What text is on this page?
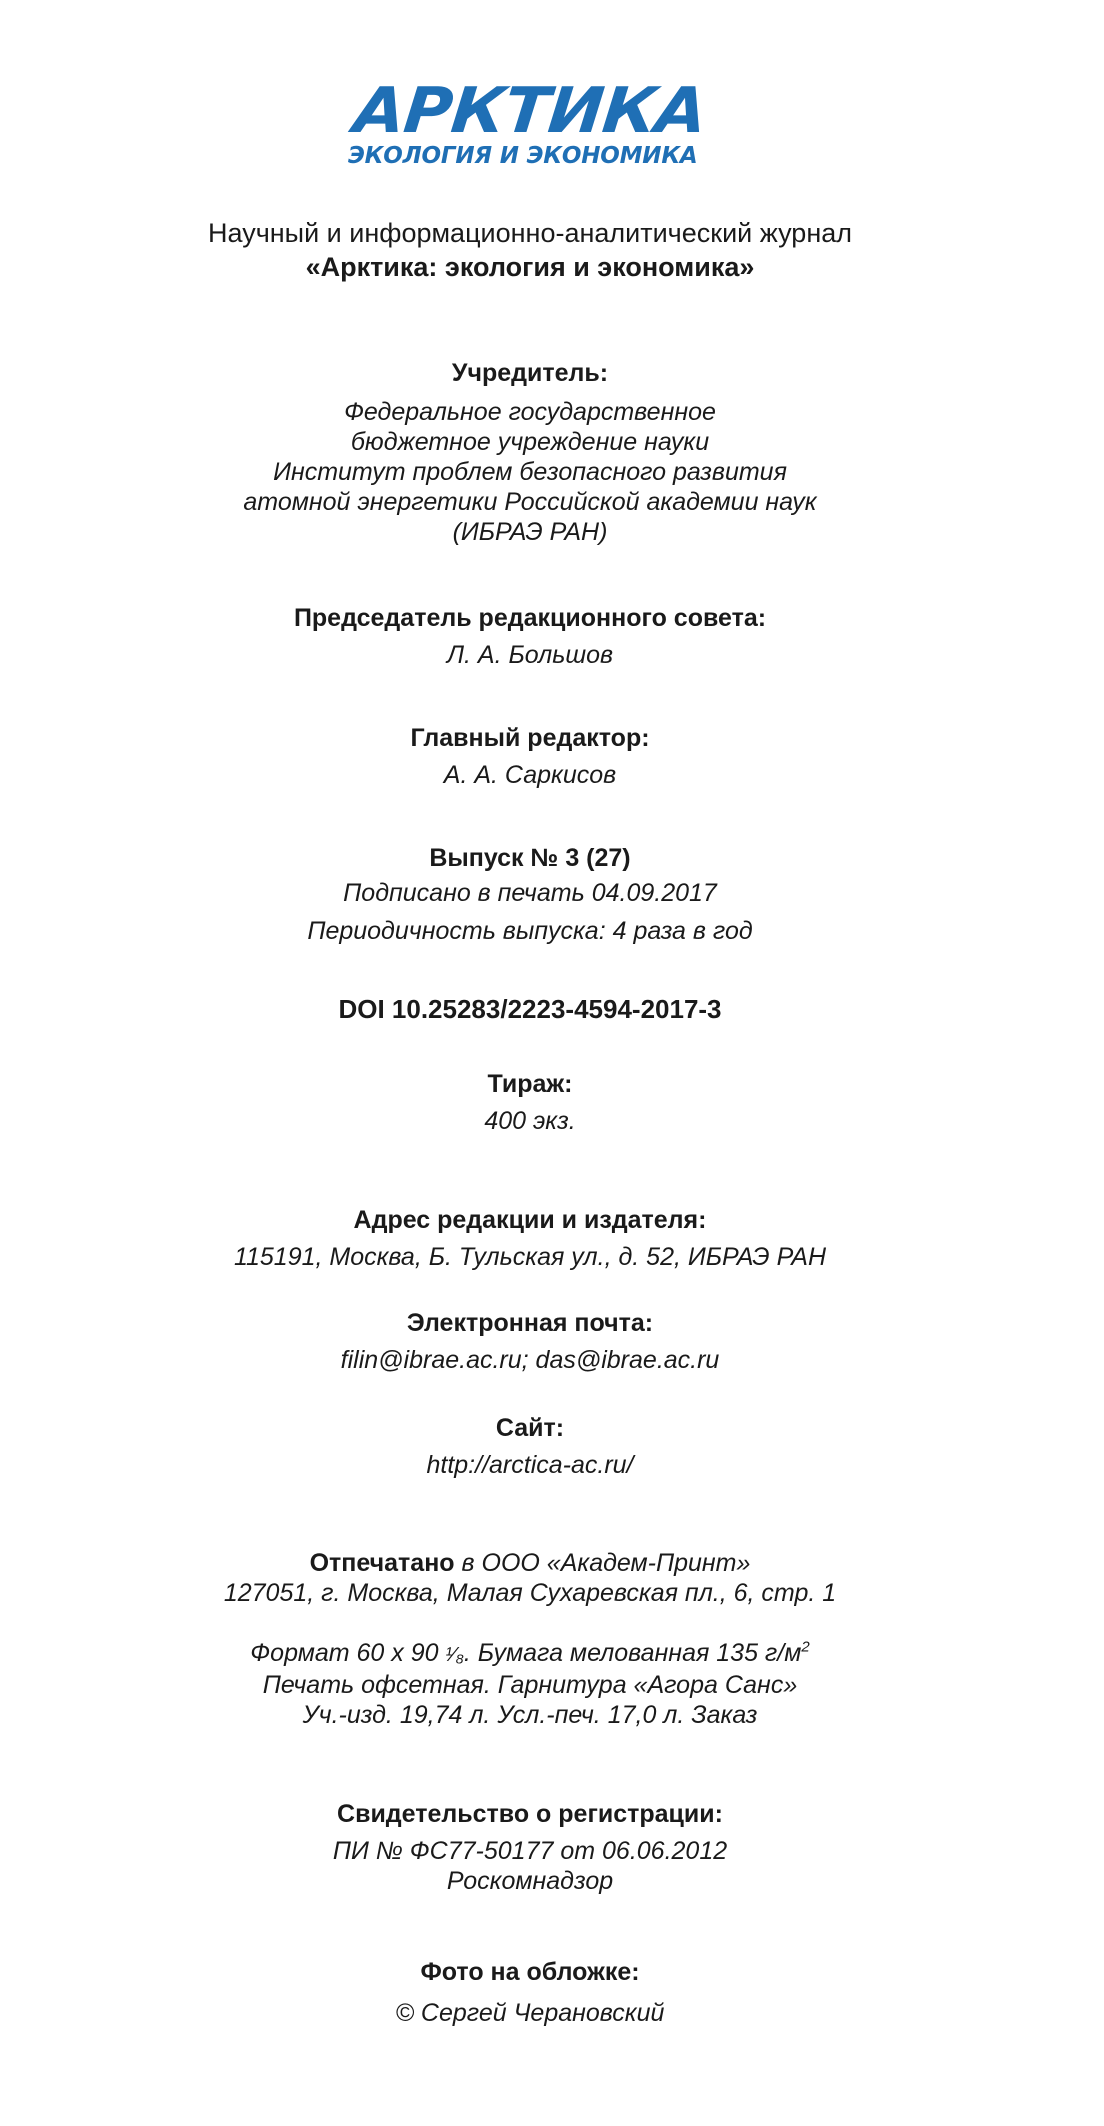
АРКТИКА
ЭКОЛОГИЯ И ЭКОНОМИКА
Научный и информационно-аналитический журнал
«Арктика: экология и экономика»
Учредитель:
Федеральное государственное
бюджетное учреждение науки
Институт проблем безопасного развития
атомной энергетики Российской академии наук
(ИБРАЭ РАН)
Председатель редакционного совета:
Л. А. Большов
Главный редактор:
А. А. Саркисов
Выпуск № 3 (27)
Подписано в печать 04.09.2017
Периодичность выпуска: 4 раза в год
DOI 10.25283/2223-4594-2017-3
Тираж:
400 экз.
Адрес редакции и издателя:
115191, Москва, Б. Тульская ул., д. 52, ИБРАЭ РАН
Электронная почта:
filin@ibrae.ac.ru; das@ibrae.ac.ru
Сайт:
http://arctica-ac.ru/
Отпечатано в ООО «Академ-Принт»
127051, г. Москва, Малая Сухаревская пл., 6, стр. 1
Формат 60 х 90 ¹⁄₈. Бумага мелованная 135 $г/м^2$
Печать офсетная. Гарнитура «Агора Санс»
Уч.-изд. 19,74 л. Усл.-печ. 17,0 л. Заказ
Свидетельство о регистрации:
ПИ № ФС77-50177 от 06.06.2012
Роскомнадзор
Фото на обложке:
© Сергей Черановский
